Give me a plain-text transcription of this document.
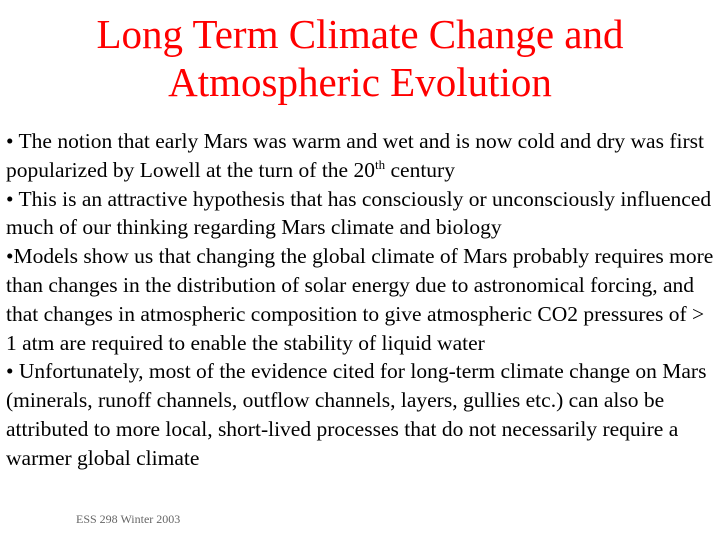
Long Term Climate Change and
Atmospheric Evolution

• The notion that early Mars was warm and wet and is now cold and dry was first popularized by Lowell at the turn of the 20th century

• This is an attractive hypothesis that has consciously or unconsciously influenced much of our thinking regarding Mars climate and biology

•Models show us that changing the global climate of Mars probably requires more than changes in the distribution of solar energy due to astronomical forcing, and that changes in atmospheric composition to give atmospheric CO2 pressures of > 1 atm are required to enable the stability of liquid water

• Unfortunately, most of the evidence cited for long-term climate change on Mars (minerals, runoff channels, outflow channels, layers, gullies etc.) can also be attributed to more local, short-lived processes that do not necessarily require a warmer global climate

ESS 298 Winter 2003
